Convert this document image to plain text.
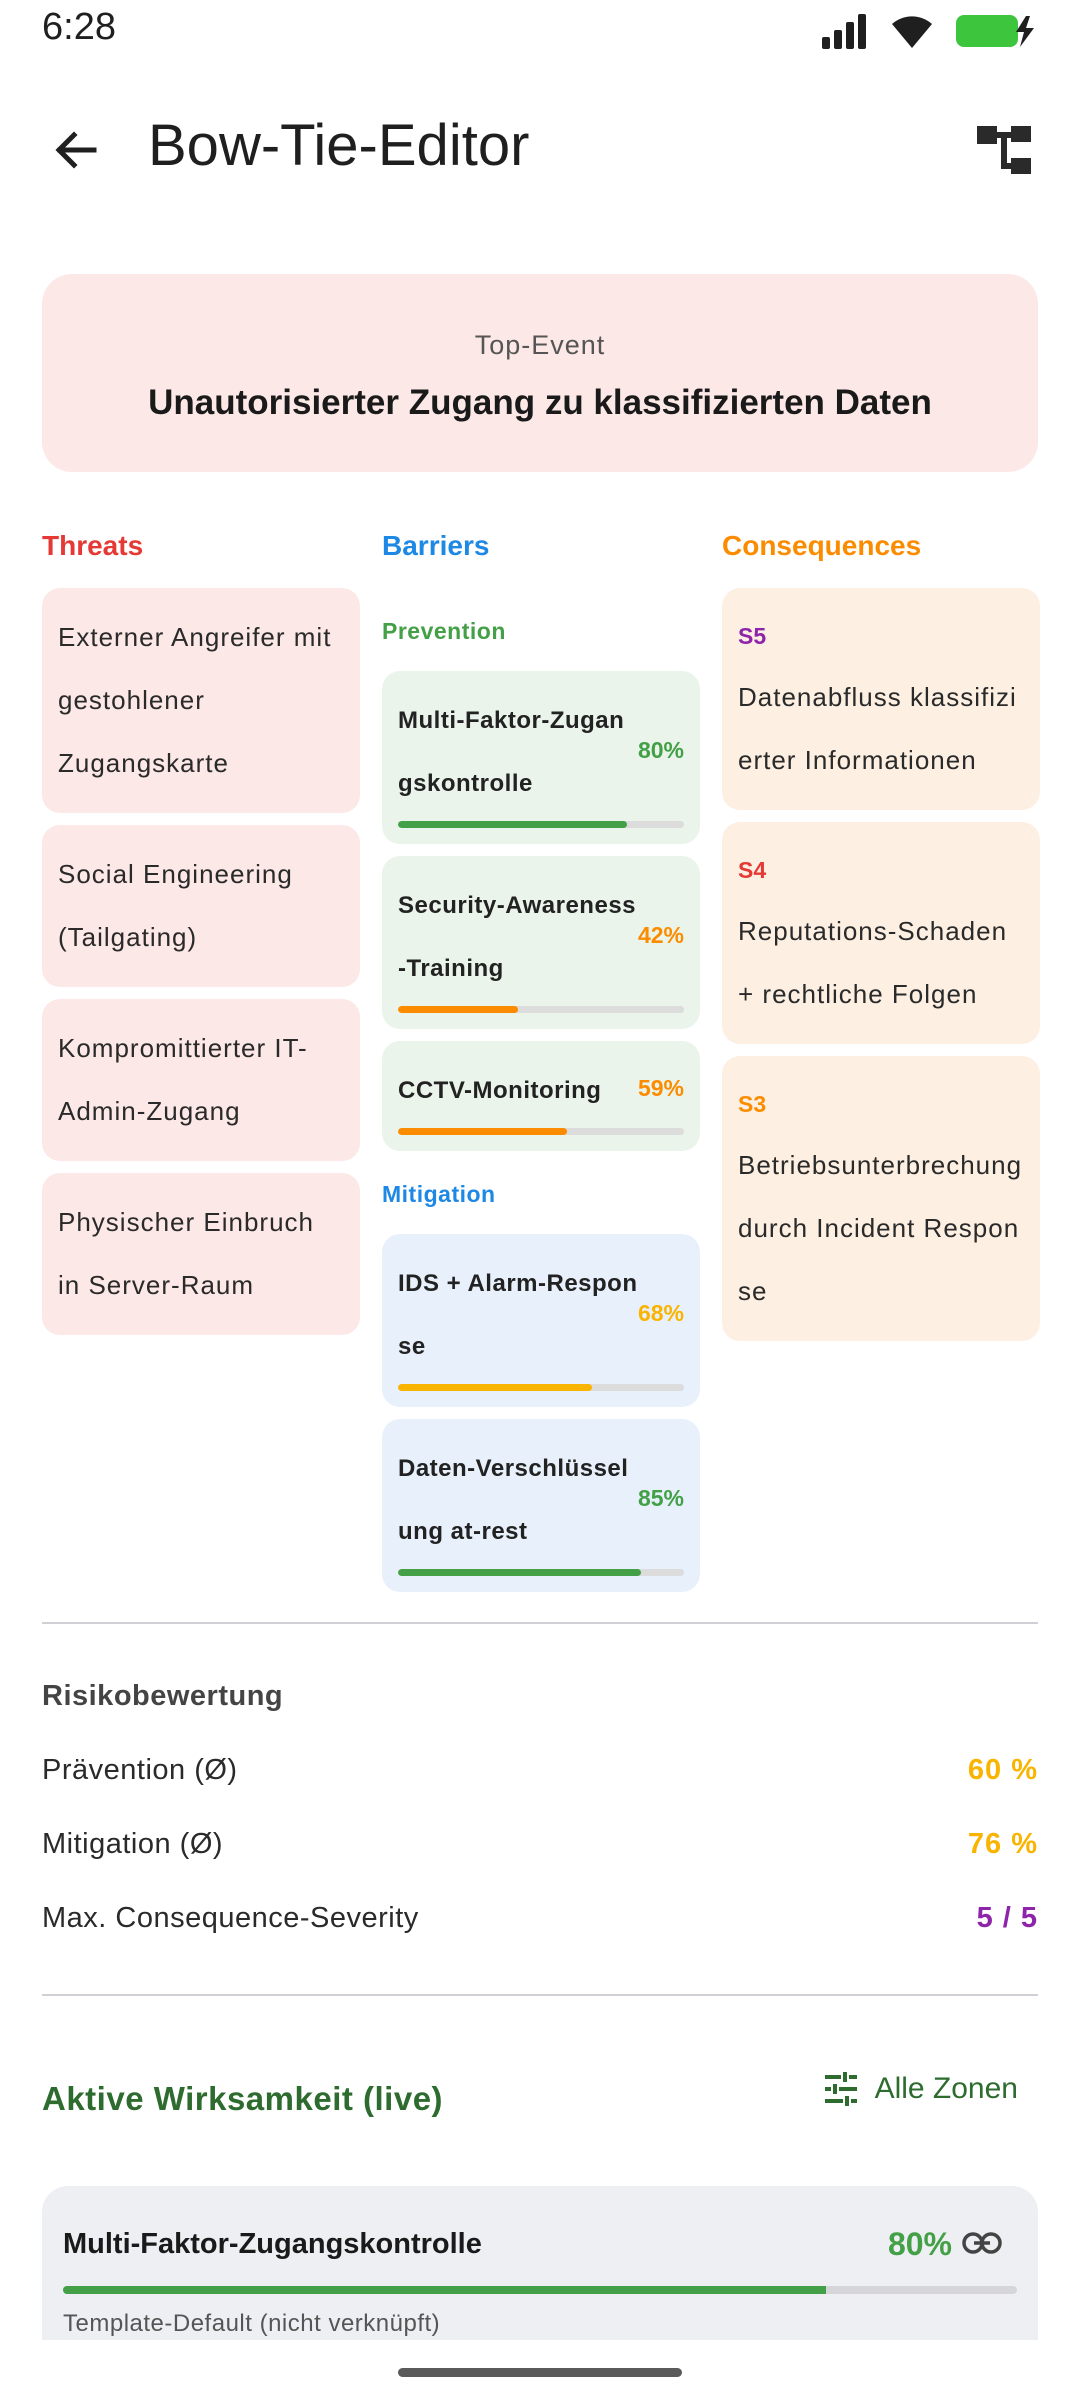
6:28
Bow-Tie-Editor
Top-Event
Unautorisierter Zugang zu klassifizierten Daten
Threats	Barriers	Consequences
Externer Angreifer mit gestohlener Zugangskarte
Social Engineering (Tailgating)
Kompromittierter IT-Admin-Zugang
Physischer Einbruch in Server-Raum
Prevention
Multi-Faktor-Zugangskontrolle
80%
Security-Awareness-Training
42%
CCTV-Monitoring	59%
Mitigation
IDS + Alarm-Response
68%
Daten-Verschlüsselung at-rest
85%
S5
Datenabfluss klassifizierter Informationen
S4
Reputations-Schaden + rechtliche Folgen
S3
Betriebsunterbrechung durch Incident Response
Risikobewertung
Prävention (Ø)	60 %
Mitigation (Ø)	76 %
Max. Consequence-Severity	5 / 5
Aktive Wirksamkeit (live)	Alle Zonen
Multi-Faktor-Zugangskontrolle	80%
Template-Default (nicht verknüpft)
